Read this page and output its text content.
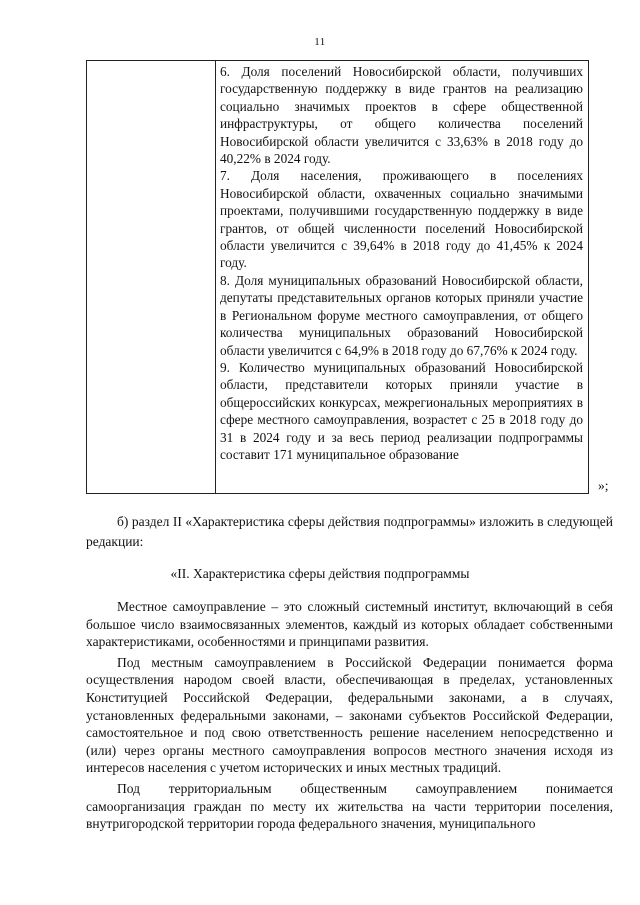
11

6. Доля поселений Новосибирской области, получивших государственную поддержку в виде грантов на реализацию социально значимых проектов в сфере общественной инфраструктуры, от общего количества поселений Новосибирской области увеличится с 33,63% в 2018 году до 40,22% в 2024 году.

7. Доля населения, проживающего в поселениях Новосибирской области, охваченных социально значимыми проектами, получившими государственную поддержку в виде грантов, от общей численности поселений Новосибирской области увеличится с 39,64% в 2018 году до 41,45% к 2024 году.

8. Доля муниципальных образований Новосибирской области, депутаты представительных органов которых приняли участие в Региональном форуме местного самоуправления, от общего количества муниципальных образований Новосибирской области увеличится с 64,9% в 2018 году до 67,76% к 2024 году.

9. Количество муниципальных образований Новосибирской области, представители которых приняли участие в общероссийских конкурсах, межрегиональных мероприятиях в сфере местного самоуправления, возрастет с 25 в 2018 году до 31 в 2024 году и за весь период реализации подпрограммы составит 171 муниципальное образование

»;
б) раздел II «Характеристика сферы действия подпрограммы» изложить в следующей редакции:
«II. Характеристика сферы действия подпрограммы

Местное самоуправление – это сложный системный институт, включающий в себя большое число взаимосвязанных элементов, каждый из которых обладает собственными характеристиками, особенностями и принципами развития.

Под местным самоуправлением в Российской Федерации понимается форма осуществления народом своей власти, обеспечивающая в пределах, установленных Конституцией Российской Федерации, федеральными законами, а в случаях, установленных федеральными законами, – законами субъектов Российской Федерации, самостоятельное и под свою ответственность решение населением непосредственно и (или) через органы местного самоуправления вопросов местного значения исходя из интересов населения с учетом исторических и иных местных традиций.

Под территориальным общественным самоуправлением понимается самоорганизация граждан по месту их жительства на части территории поселения, внутригородской территории города федерального значения, муниципального
